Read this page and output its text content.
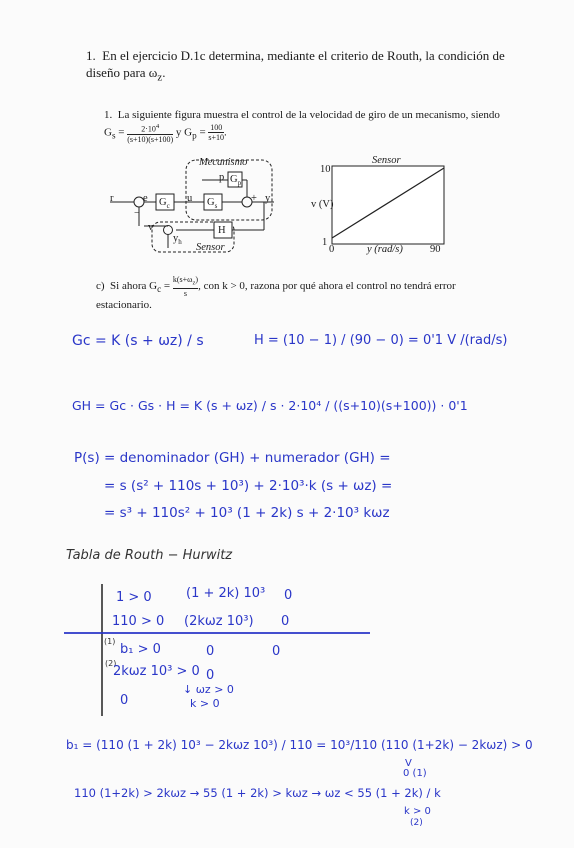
1. En el ejercicio D.1c determina, mediante el criterio de Routh, la condición de diseño para $\omega_z$.
1. La siguiente figura muestra el control de la velocidad de giro de un mecanismo, siendo $G_s = \frac{2\cdot 10^4}{(s+10)(s+100)}$ y $G_p = \frac{100}{s+10}$ .
r	e $G_c$
u $G_s$
$G_p$
p
y
v	H
$y_h$
Mecanismo
Sensor
−
+
Sensor
10
1
v (V)
0	90
y (rad/s)
c) Si ahora $G_c = \frac{k(s+\omega_z)}{s}$ , con k > 0, razona por qué ahora el control no tendrá error estacionario.
Gc = K (s + ωz) / s	H = (10 − 1) / (90 − 0) = 0'1 V /(rad/s)
GH = Gc · Gs · H = K (s + ωz) / s · 2·10⁴ / ((s+10)(s+100)) · 0'1
P(s) = denominador (GH) + numerador (GH) =
= s (s² + 110s + 10³) + 2·10³·k (s + ωz) =
= s³ + 110s² + 10³ (1 + 2k) s + 2·10³ kωz
Tabla de Routh − Hurwitz
1 > 0	(1 + 2k) 10³ 0
110 > 0 (2kωz 10³) 0
(1)
b₁ > 0	0	0
(2)
2kωz 10³ > 0 0
↓ ωz > 0
k > 0
0
b₁ = (110 (1 + 2k) 10³ − 2kωz 10³) / 110 = 10³/110 (110 (1+2k) − 2kωz) > 0
V
0 (1)
110 (1+2k) > 2kωz → 55 (1 + 2k) > kωz → ωz < 55 (1 + 2k) / k
k > 0
(2)
